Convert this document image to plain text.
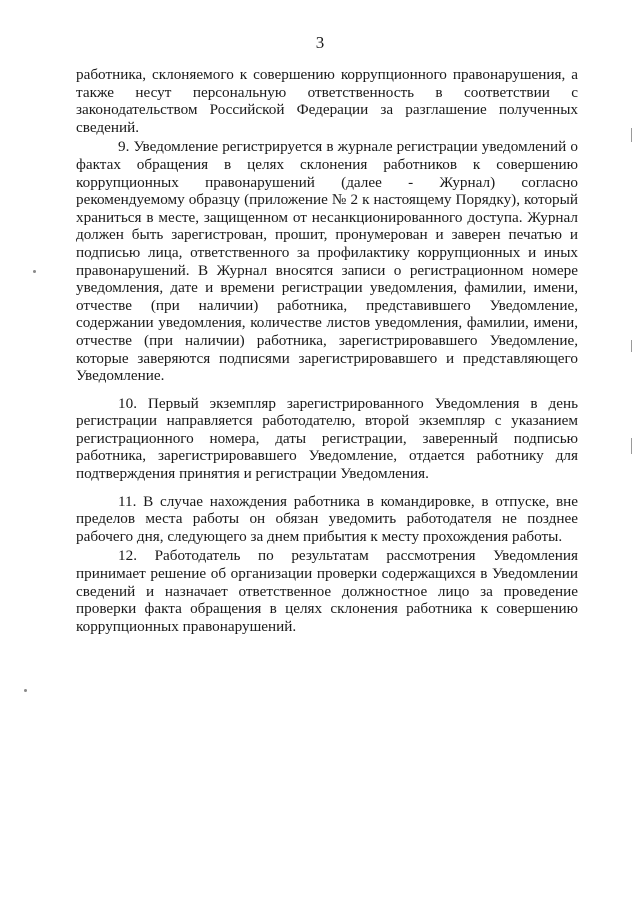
3

работника, склоняемого к совершению коррупционного правонарушения, а также несут персональную ответственность в соответствии с законодательством Российской Федерации за разглашение полученных сведений.

9. Уведомление регистрируется в журнале регистрации уведомлений о фактах обращения в целях склонения работников к совершению коррупционных правонарушений (далее - Журнал) согласно рекомендуемому образцу (приложение № 2 к настоящему Порядку), который храниться в месте, защищенном от несанкционированного доступа. Журнал должен быть зарегистрован, прошит, пронумерован и заверен печатью и подписью лица, ответственного за профилактику коррупционных и иных правонарушений. В Журнал вносятся записи о регистрационном номере уведомления, дате и времени регистрации уведомления, фамилии, имени, отчестве (при наличии) работника, представившего Уведомление, содержании уведомления, количестве листов уведомления, фамилии, имени, отчестве (при наличии) работника, зарегистрировавшего Уведомление, которые заверяются подписями зарегистрировавшего и представляющего Уведомление.

10. Первый экземпляр зарегистрированного Уведомления в день регистрации направляется работодателю, второй экземпляр с указанием регистрационного номера, даты регистрации, заверенный подписью работника, зарегистрировавшего Уведомление, отдается работнику для подтверждения принятия и регистрации Уведомления.

11. В случае нахождения работника в командировке, в отпуске, вне пределов места работы он обязан уведомить работодателя не позднее рабочего дня, следующего за днем прибытия к месту прохождения работы.

12. Работодатель по результатам рассмотрения Уведомления принимает решение об организации проверки содержащихся в Уведомлении сведений и назначает ответственное должностное лицо за проведение проверки факта обращения в целях склонения работника к совершению коррупционных правонарушений.
